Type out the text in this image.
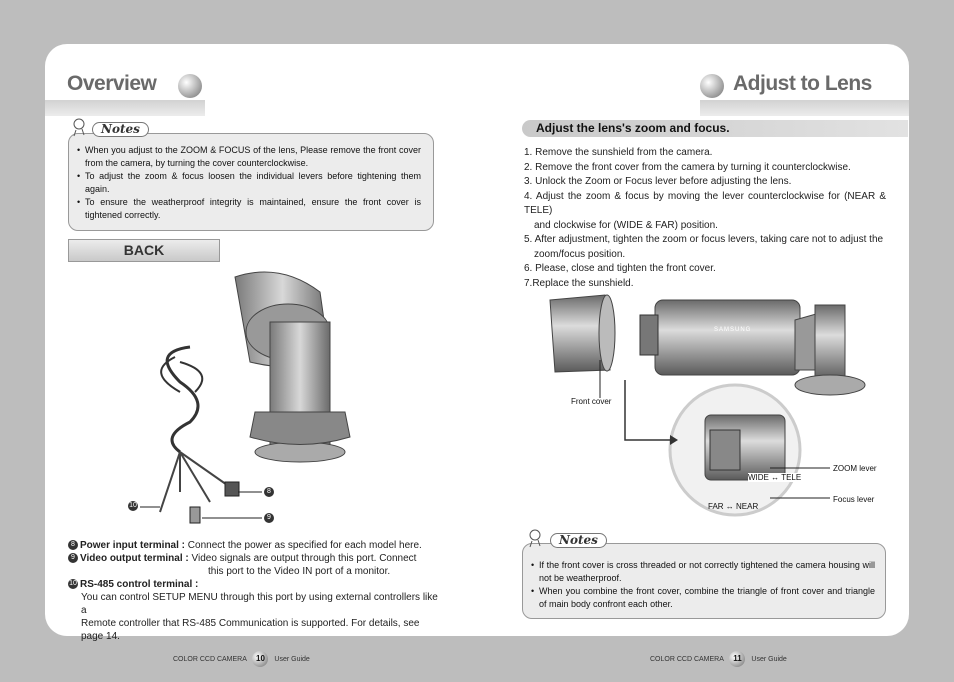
Overview	Adjust to Lens
• When you adjust to the ZOOM & FOCUS of the lens, Please remove the front cover from the camera, by turning the cover counterclockwise.
• To adjust the zoom & focus loosen the individual levers before tightening them again.
• To ensure the weatherproof integrity is maintained, ensure the front cover is tightened correctly.
Notes
BACK
10
8
9
8 Power input terminal : Connect the power as specified for each model here.
9 Video output terminal : Video signals are output through this port. Connect
this port to the Video IN port of a monitor.
10 RS-485 control terminal :
You can control SETUP MENU through this port by using external controllers like a
Remote controller that RS-485 Communication is supported. For details, see page 14.
Adjust the lens's zoom and focus.
1. Remove the sunshield from the camera.
2. Remove the front cover from the camera by turning it counterclockwise.
3. Unlock the Zoom or Focus lever before adjusting the lens.
4. Adjust the zoom & focus by moving the lever counterclockwise for (NEAR & TELE)
and clockwise for (WIDE & FAR) position.
5. After adjustment, tighten the zoom or focus levers, taking care not to adjust the
zoom/focus position.
6. Please, close and tighten the front cover.
7.Replace the sunshield.
SAMSUNG
Front cover
ZOOM lever
Focus lever
WIDE ↔ TELE
FAR ↔ NEAR
• If the front cover is cross threaded or not correctly tightened the camera housing will not be weatherproof.
• When you combine the front cover, combine the triangle of front cover and triangle of main body confront each other.
Notes
COLOR CCD CAMERA 10 User Guide	COLOR CCD CAMERA 11 User Guide
